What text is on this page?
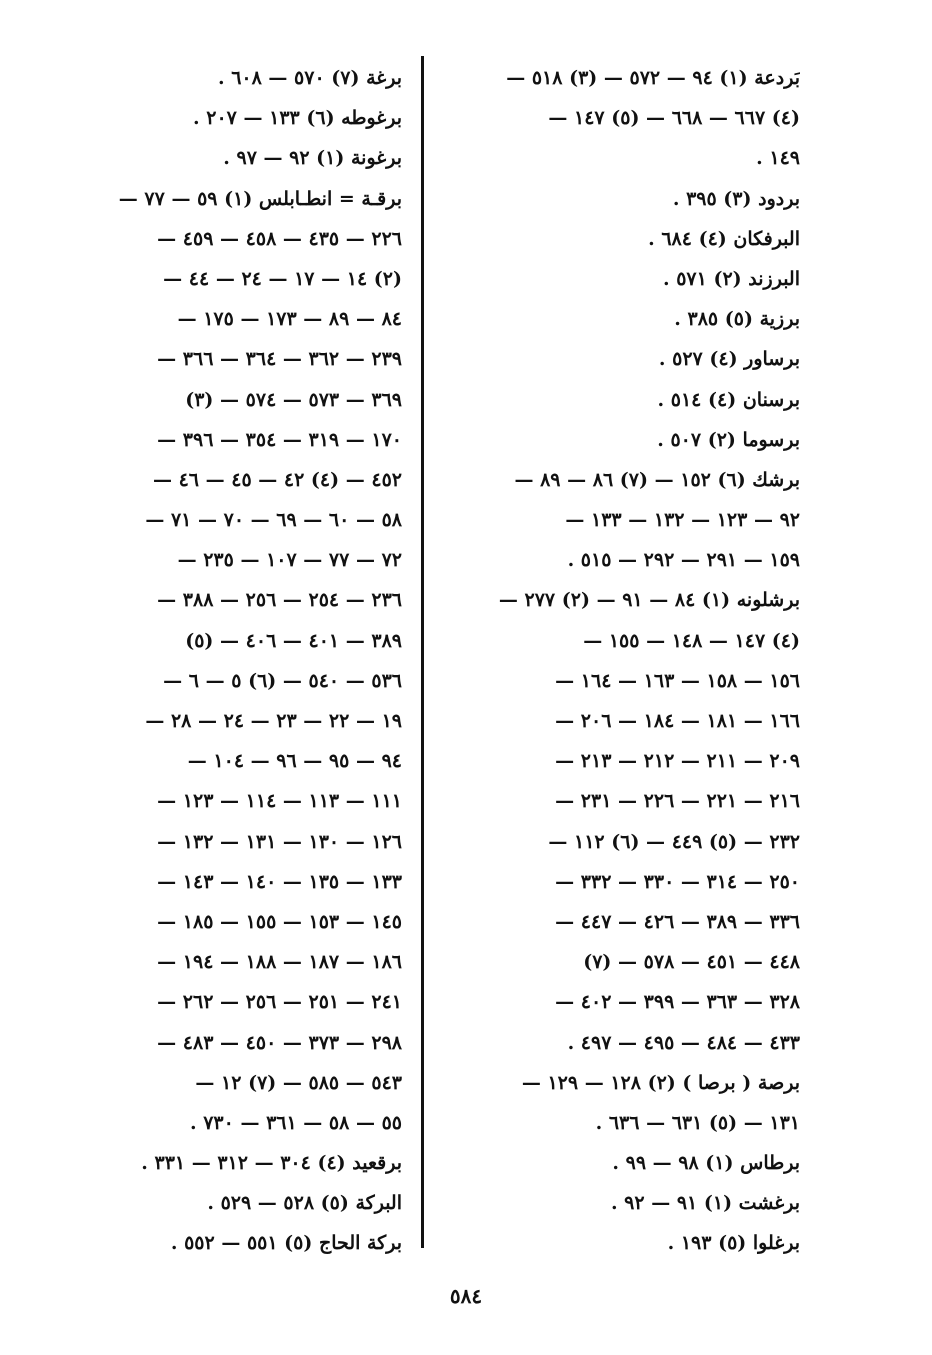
بَردعة (١) ٩٤ — ٥٧٢ — (٣) ٥١٨ —
(٤) ٦٦٧ — ٦٦٨ — (٥) ١٤٧ —
١٤٩ .
بردود (٣) ٣٩٥ .
البرفكان (٤) ٦٨٤ .
البرزند (٢) ٥٧١ .
برزية (٥) ٣٨٥ .
برساور (٤) ٥٢٧ .
برسنان (٤) ٥١٤ .
برسوما (٢) ٥٠٧ .
برشك (٦) ١٥٢ — (٧) ٨٦ — ٨٩ —
٩٢ — ١٢٣ — ١٣٢ — ١٣٣ —
١٥٩ — ٢٩١ — ٢٩٢ — ٥١٥ .
برشلونه (١) ٨٤ — ٩١ — (٢) ٢٧٧ —
(٤) ١٤٧ — ١٤٨ — ١٥٥ —
١٥٦ — ١٥٨ — ١٦٣ — ١٦٤ —
١٦٦ — ١٨١ — ١٨٤ — ٢٠٦ —
٢٠٩ — ٢١١ — ٢١٢ — ٢١٣ —
٢١٦ — ٢٢١ — ٢٢٦ — ٢٣١ —
٢٣٢ — (٥) ٤٤٩ — (٦) ١١٢ —
٢٥٠ — ٣١٤ — ٣٣٠ — ٣٣٢ —
٣٣٦ — ٣٨٩ — ٤٢٦ — ٤٤٧ —
٤٤٨ — ٤٥١ — ٥٧٨ — (٧)
٣٢٨ — ٣٦٣ — ٣٩٩ — ٤٠٢ —
٤٣٣ — ٤٨٤ — ٤٩٥ — ٤٩٧ .
برصة ( برصا ) (٢) ١٢٨ — ١٢٩ —
١٣١ — (٥) ٦٣١ — ٦٣٦ .
برطاس (١) ٩٨ — ٩٩ .
برغشت (١) ٩١ — ٩٢ .
برغلوا (٥) ١٩٣ .
برغة (٧) ٥٧٠ — ٦٠٨ .
برغوطه (٦) ١٣٣ — ٢٠٧ .
برغونة (١) ٩٢ — ٩٧ .
برقـة = انطـابلس (١) ٥٩ — ٧٧ —
٢٢٦ — ٤٣٥ — ٤٥٨ — ٤٥٩ —
(٢) ١٤ — ١٧ — ٢٤ — ٤٤ —
٨٤ — ٨٩ — ١٧٣ — ١٧٥ —
٢٣٩ — ٣٦٢ — ٣٦٤ — ٣٦٦ —
٣٦٩ — ٥٧٣ — ٥٧٤ — (٣)
١٧٠ — ٣١٩ — ٣٥٤ — ٣٩٦ —
٤٥٢ — (٤) ٤٢ — ٤٥ — ٤٦ —
٥٨ — ٦٠ — ٦٩ — ٧٠ — ٧١ —
٧٢ — ٧٧ — ١٠٧ — ٢٣٥ —
٢٣٦ — ٢٥٤ — ٢٥٦ — ٣٨٨ —
٣٨٩ — ٤٠١ — ٤٠٦ — (٥)
٥٣٦ — ٥٤٠ — (٦) ٥ — ٦ —
١٩ — ٢٢ — ٢٣ — ٢٤ — ٢٨ —
٩٤ — ٩٥ — ٩٦ — ١٠٤ —
١١١ — ١١٣ — ١١٤ — ١٢٣ —
١٢٦ — ١٣٠ — ١٣١ — ١٣٢ —
١٣٣ — ١٣٥ — ١٤٠ — ١٤٣ —
١٤٥ — ١٥٣ — ١٥٥ — ١٨٥ —
١٨٦ — ١٨٧ — ١٨٨ — ١٩٤ —
٢٤١ — ٢٥١ — ٢٥٦ — ٢٦٢ —
٢٩٨ — ٣٧٣ — ٤٥٠ — ٤٨٣ —
٥٤٣ — ٥٨٥ — (٧) ١٢ —
٥٥ — ٥٨ — ٣٦١ — ٧٣٠ .
برقعيد (٤) ٣٠٤ — ٣١٢ — ٣٣١ .
البركة (٥) ٥٢٨ — ٥٢٩ .
بركة الحاج (٥) ٥٥١ — ٥٥٢ .
٥٨٤
